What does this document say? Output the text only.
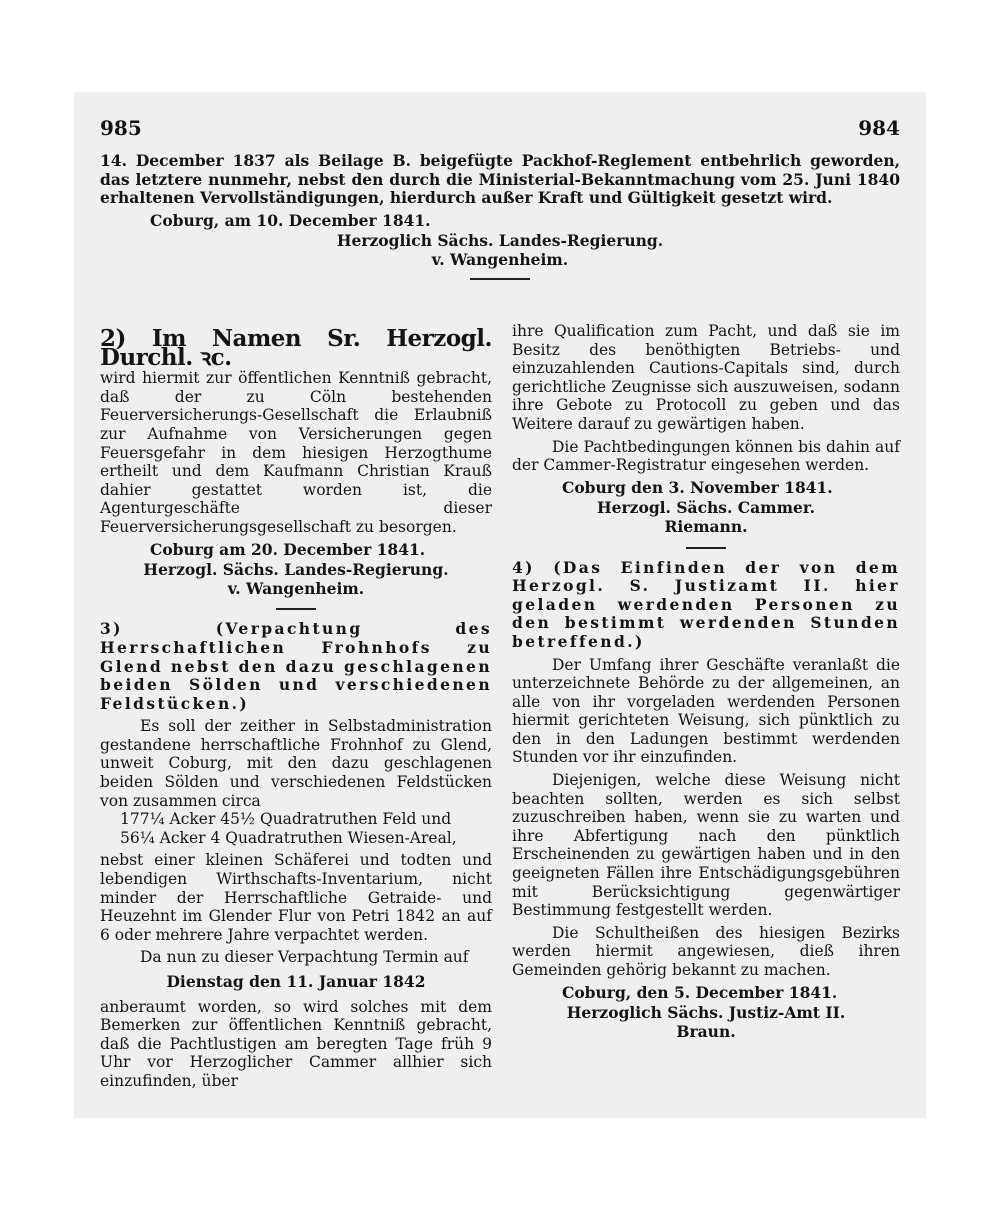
985	984

14. December 1837 als Beilage B. beigefügte Packhof-Reglement entbehrlich geworden, das letztere nunmehr, nebst den durch die Ministerial-Bekanntmachung vom 25. Juni 1840 erhaltenen Vervollständigungen, hierdurch außer Kraft und Gültigkeit gesetzt wird.

Coburg, am 10. December 1841.

Herzoglich Sächs. Landes-Regierung.

v. Wangenheim.

2) Im Namen Sr. Herzogl. Durchl. ꝛc.

wird hiermit zur öffentlichen Kenntniß gebracht, daß der zu Cöln bestehenden Feuerversicherungs-Gesellschaft die Erlaubniß zur Aufnahme von Versicherungen gegen Feuersgefahr in dem hiesigen Herzogthume ertheilt und dem Kaufmann Christian Krauß dahier gestattet worden ist, die Agenturgeschäfte dieser Feuerversicherungsgesellschaft zu besorgen.

Coburg am 20. December 1841.

Herzogl. Sächs. Landes-Regierung.

v. Wangenheim.

3) (Verpachtung des Herrschaftlichen Frohnhofs zu Glend nebst den dazu geschlagenen beiden Sölden und verschiedenen Feldstücken.)

Es soll der zeither in Selbstadministration gestandene herrschaftliche Frohnhof zu Glend, unweit Coburg, mit den dazu geschlagenen beiden Sölden und verschiedenen Feldstücken von zusammen circa

177¼ Acker 45½ Quadratruthen Feld und

56¼ Acker 4 Quadratruthen Wiesen-Areal,

nebst einer kleinen Schäferei und todten und lebendigen Wirthschafts-Inventarium, nicht minder der Herrschaftliche Getraide- und Heuzehnt im Glender Flur von Petri 1842 an auf 6 oder mehrere Jahre verpachtet werden.

Da nun zu dieser Verpachtung Termin auf

Dienstag den 11. Januar 1842

anberaumt worden, so wird solches mit dem Bemerken zur öffentlichen Kenntniß gebracht, daß die Pachtlustigen am beregten Tage früh 9 Uhr vor Herzoglicher Cammer allhier sich einzufinden, über

ihre Qualification zum Pacht, und daß sie im Besitz des benöthigten Betriebs- und einzuzahlenden Cautions-Capitals sind, durch gerichtliche Zeugnisse sich auszuweisen, sodann ihre Gebote zu Protocoll zu geben und das Weitere darauf zu gewärtigen haben.

Die Pachtbedingungen können bis dahin auf der Cammer-Registratur eingesehen werden.

Coburg den 3. November 1841.

Herzogl. Sächs. Cammer.

Riemann.

4) (Das Einfinden der von dem Herzogl. S. Justizamt II. hier geladen werdenden Personen zu den bestimmt werdenden Stunden betreffend.)

Der Umfang ihrer Geschäfte veranlaßt die unterzeichnete Behörde zu der allgemeinen, an alle von ihr vorgeladen werdenden Personen hiermit gerichteten Weisung, sich pünktlich zu den in den Ladungen bestimmt werdenden Stunden vor ihr einzufinden.

Diejenigen, welche diese Weisung nicht beachten sollten, werden es sich selbst zuzuschreiben haben, wenn sie zu warten und ihre Abfertigung nach den pünktlich Erscheinenden zu gewärtigen haben und in den geeigneten Fällen ihre Entschädigungsgebühren mit Berücksichtigung gegenwärtiger Bestimmung festgestellt werden.

Die Schultheißen des hiesigen Bezirks werden hiermit angewiesen, dieß ihren Gemeinden gehörig bekannt zu machen.

Coburg, den 5. December 1841.

Herzoglich Sächs. Justiz-Amt II.

Braun.
